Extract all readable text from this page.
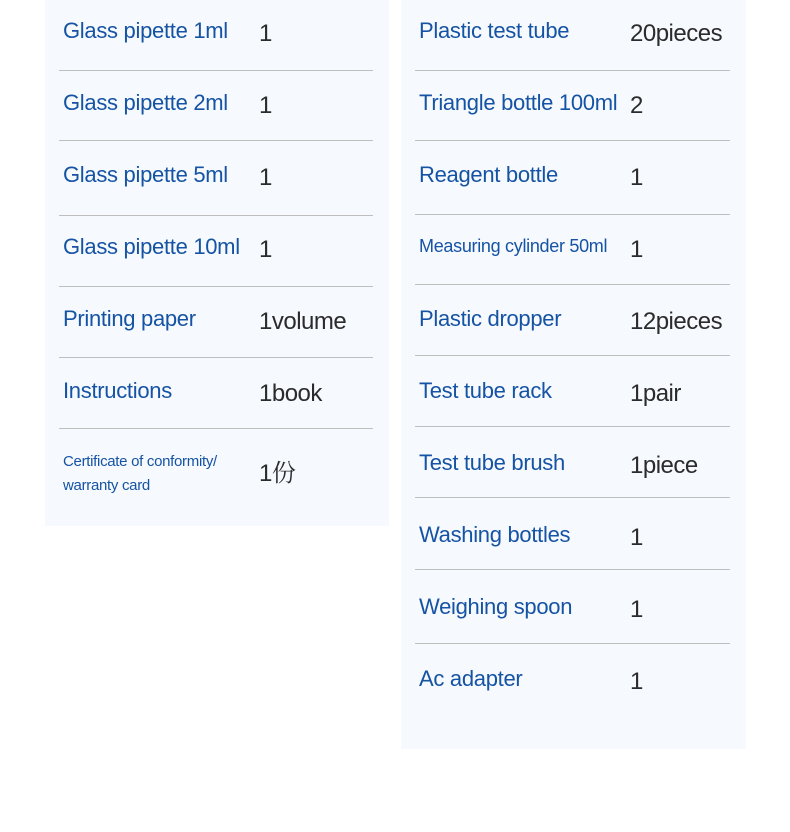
Glass pipette 1ml 1
Glass pipette 2ml 1
Glass pipette 5ml 1
Glass pipette 10ml 1
Printing paper	1volume
Instructions	1book
Certificate of conformity/ warranty card	1份
Plastic test tube	20pieces
Triangle bottle 100ml 2
Reagent bottle	1
Measuring cylinder 50ml 1
Plastic dropper	12pieces
Test tube rack	1pair
Test tube brush	1piece
Washing bottles 1
Weighing spoon 1
Ac adapter	1
